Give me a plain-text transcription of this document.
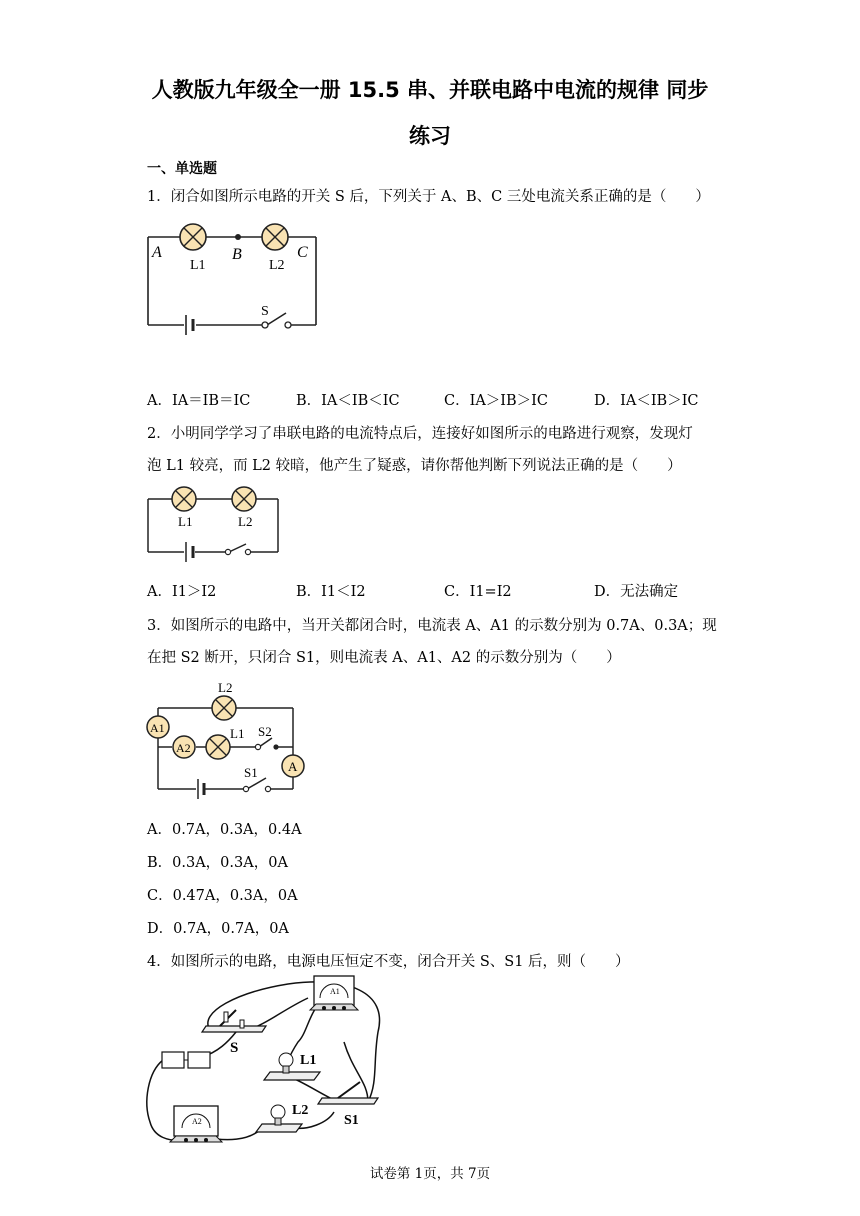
人教版九年级全一册 15.5 串、并联电路中电流的规律 同步
练习
一、单选题
1．闭合如图所示电路的开关 S 后，下列关于 A、B、C 三处电流关系正确的是（　　）
A
L1
B
L2
C
S
A．IA＝IB＝IC	B．IA＜IB＜IC	C．IA＞IB＞IC	D．IA＜IB＞IC
2．小明同学学习了串联电路的电流特点后，连接好如图所示的电路进行观察，发现灯
泡 L1 较亮，而 L2 较暗，他产生了疑惑，请你帮他判断下列说法正确的是（　　）
L1	L2
A．I1＞I2	B．I1＜I2	C．I1=I2	D．无法确定
3．如图所示的电路中，当开关都闭合时，电流表 A、A1 的示数分别为 0.7A、0.3A；现
在把 S2 断开，只闭合 S1，则电流表 A、A1、A2 的示数分别为（　　）
L2
A1
A2
L1 S2
A
S1
A．0.7A，0.3A，0.4A
B．0.3A，0.3A，0A
C．0.47A，0.3A，0A
D．0.7A，0.7A，0A
4．如图所示的电路，电源电压恒定不变，闭合开关 S、S1 后，则（　　）
S
A1
L1
L2
S1
A2
试卷第 1页，共 7页
